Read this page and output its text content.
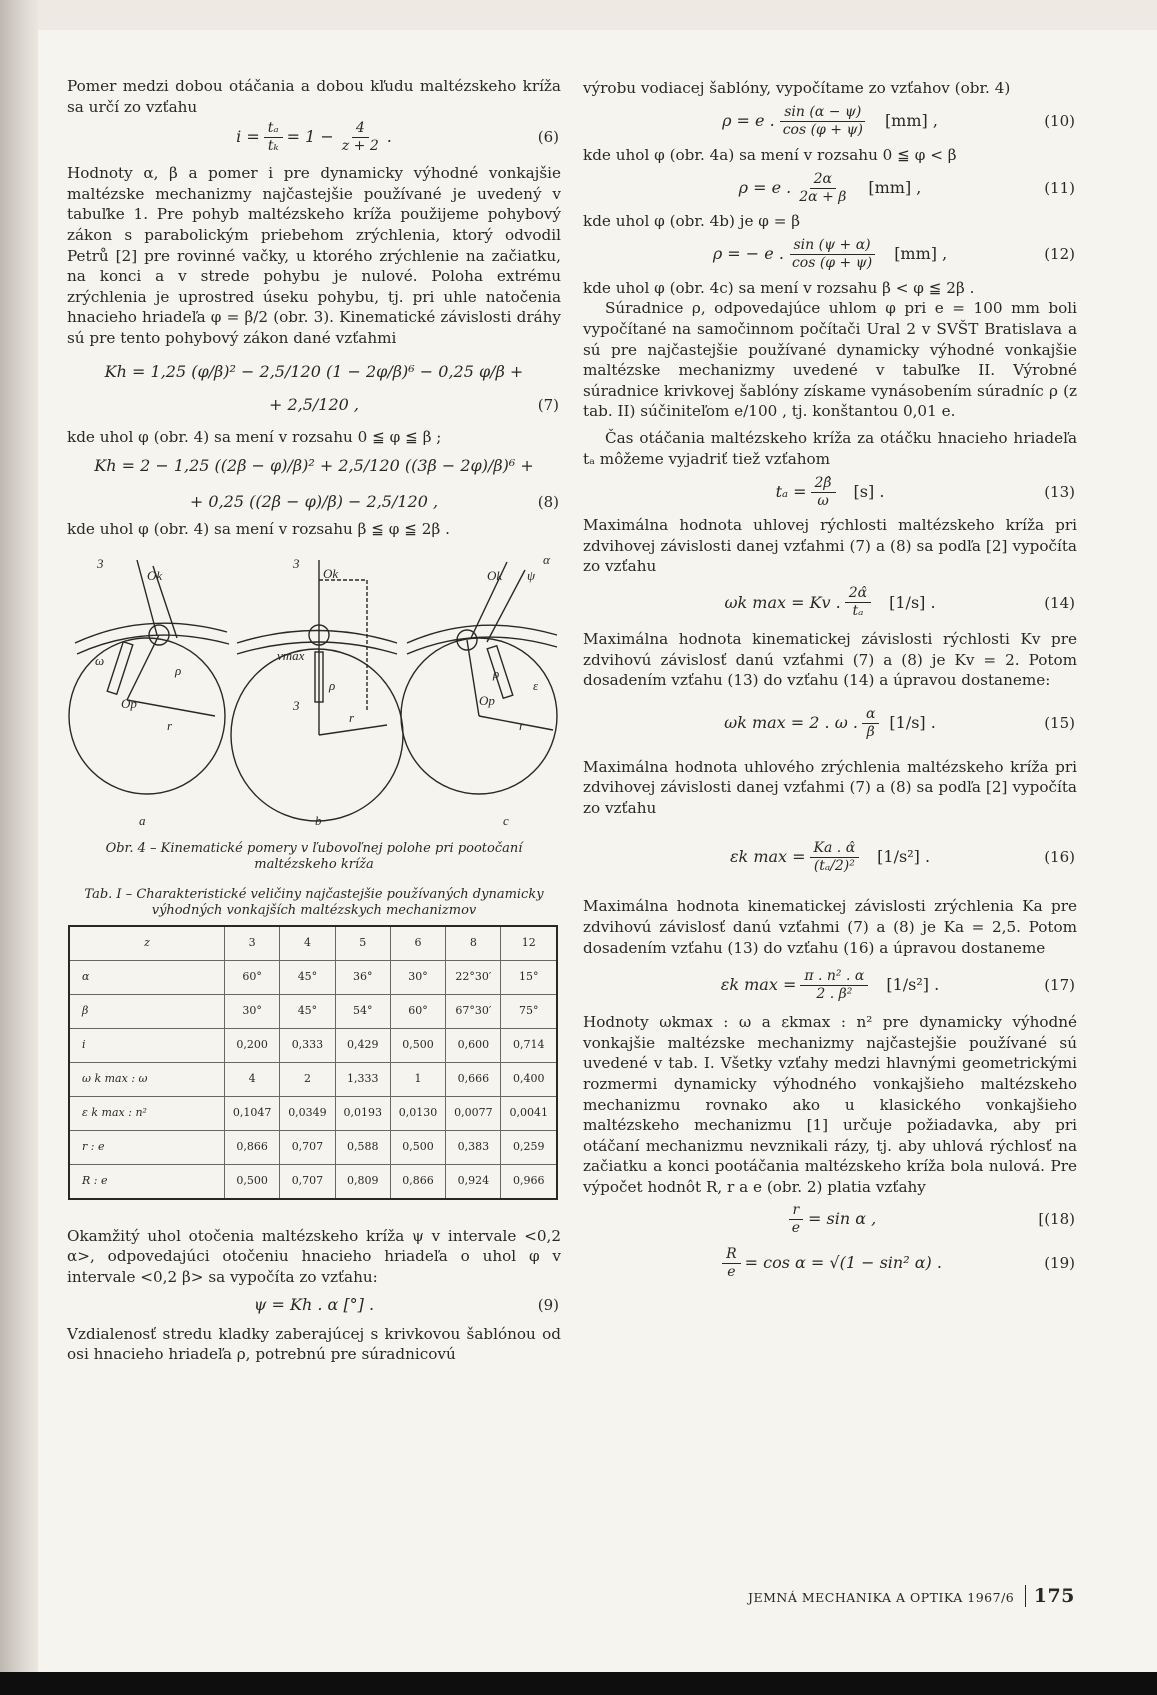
Pomer medzi dobou otáčania a dobou kľudu maltézskeho kríža sa určí zo vzťahu

$i = \frac{\text{tₐ}}{\text{tₖ}} = 1 - \frac{4}{z + 2}$ .	(6)

Hodnoty α, β a pomer i pre dynamicky výhodné vonkajšie maltézske mechanizmy najčastejšie používané je uvedený v tabuľke 1. Pre pohyb maltézskeho kríža použijeme pohybový zákon s parabolickým priebehom zrýchlenia, ktorý odvodil Petrů [2] pre rovinné vačky, u ktorého zrýchlenie na začiatku, na konci a v strede pohybu je nulové. Poloha extrému zrýchlenia je uprostred úseku pohybu, tj. pri uhle natočenia hnacieho hriadeľa φ = β/2 (obr. 3). Kinematické závislosti dráhy sú pre tento pohybový zákon dané vzťahmi

Kh = 1,25 (φ/β)² − 2,5/120 (1 − 2φ/β)⁶ − 0,25 φ/β +
+ 2,5/120 ,	(7)

kde uhol φ (obr. 4) sa mení v rozsahu 0 ≦ φ ≦ β ;

Kh = 2 − 1,25 ((2β − φ)/β)² + 2,5/120 ((3β − 2φ)/β)⁶ +
+ 0,25 ((2β − φ)/β) − 2,5/120 ,	(8)

kde uhol φ (obr. 4) sa mení v rozsahu β ≦ φ ≦ 2β .

a	b	c
Ok
Op
ω
ρ
r
3
Ok
vmax
ρ
r
3
3
Ok
Op
ε
ψ
α
ρ
r
Obr. 4 – Kinematické pomery v ľubovoľnej polohe pri pootočaní maltézskeho kríža
Tab. I – Charakteristické veličiny najčastejšie používaných dynamicky výhodných vonkajších maltézskych mechanizmov
z	3	4	5	6	8	12
α	60°	45°	36°	30°	22°30′	15°
β	30°	45°	54°	60°	67°30′	75°
i	0,200	0,333	0,429	0,500	0,600	0,714
ω k max : ω	4	2	1,333	1	0,666	0,400
ε k max : n²	0,1047	0,0349	0,0193	0,0130	0,0077	0,0041
r : e	0,866	0,707	0,588	0,500	0,383	0,259
R : e	0,500	0,707	0,809	0,866	0,924	0,966

Okamžitý uhol otočenia maltézskeho kríža ψ v intervale <0,2 α>, odpovedajúci otočeniu hnacieho hriadeľa o uhol φ v intervale <0,2 β> sa vypočíta zo vzťahu:

ψ = Kh . α [°] .	(9)

Vzdialenosť stredu kladky zaberajúcej s krivkovou šablónou od osi hnacieho hriadeľa ρ, potrebnú pre súradnicovú

výrobu vodiacej šablóny, vypočítame zo vzťahov (obr. 4)

ρ = e . $\frac{\sin (\alpha - \psi)}{\cos (\varphi + \psi)} [mm]$ ,	(10)

kde uhol φ (obr. 4a) sa mení v rozsahu 0 ≦ φ < β

ρ = e . $\frac{2\alpha}{2\alpha + \beta} [mm]$ ,	(11)

kde uhol φ (obr. 4b) je φ = β

ρ = − e . $\frac{\sin (\psi + \alpha)}{\cos (\varphi + \psi)} [mm]$ ,	(12)

kde uhol φ (obr. 4c) sa mení v rozsahu β < φ ≦ 2β .

Súradnice ρ, odpovedajúce uhlom φ pri e = 100 mm boli vypočítané na samočinnom počítači Ural 2 v SVŠT Bratislava a sú pre najčastejšie používané dynamicky výhodné vonkajšie maltézske mechanizmy uvedené v tabuľke II. Výrobné súradnice krivkovej šablóny získame vynásobením súradníc ρ (z tab. II) súčiniteľom e/100 , tj. konštantou 0,01 e.

Čas otáčania maltézskeho kríža za otáčku hnacieho hriadeľa tₐ môžeme vyjadriť tiež vzťahom

$t_a = \frac{2\betâ}{\omega} [s]$ .	(13)

Maximálna hodnota uhlovej rýchlosti maltézskeho kríža pri zdvihovej závislosti danej vzťahmi (7) a (8) sa podľa [2] vypočíta zo vzťahu

ωk max = Kv . $\frac{2\alphâ}{\text{tₐ}} [1/s]$ .	(14)

Maximálna hodnota kinematickej závislosti rýchlosti Kv pre zdvihovú závislosť danú vzťahmi (7) a (8) je Kv = 2. Potom dosadením vzťahu (13) do vzťahu (14) a úpravou dostaneme:

ωk max = 2 . ω . $\frac{\alpha}{\beta} [1/s]$ .	(15)

Maximálna hodnota uhlového zrýchlenia maltézskeho kríža pri zdvihovej závislosti danej vzťahmi (7) a (8) sa podľa [2] vypočíta zo vzťahu

εk $\max = \frac{Ka . \alphâ}{\text{(tₐ/2)²}} [1/s^2]$ .	(16)

Maximálna hodnota kinematickej závislosti zrýchlenia Ka pre zdvihovú závislosť danú vzťahmi (7) a (8) je Ka = 2,5. Potom dosadením vzťahu (13) do vzťahu (16) a úpravou dostaneme

εk $\max = \frac{\text{π . n² . α}}{\text{2 . β²}} [1/s^2]$ .	(17)

Hodnoty ωkmax : ω a εkmax : n² pre dynamicky výhodné vonkajšie maltézske mechanizmy najčastejšie používané sú uvedené v tab. I. Všetky vzťahy medzi hlavnými geometrickými rozmermi dynamicky výhodného vonkajšieho maltézskeho mechanizmu rovnako ako u klasického vonkajšieho maltézskeho mechanizmu [1] určuje požiadavka, aby pri otáčaní mechanizmu nevznikali rázy, tj. aby uhlová rýchlosť na začiatku a konci pootáčania maltézskeho kríža bola nulová. Pre výpočet hodnôt R, r a e (obr. 2) platia vzťahy

$\frac{r}{e} = \sin \alpha$ ,	[(18)
$\frac{R}{e} = \cos \alpha = √(1 - \sin^2$ α) .	(19)
JEMNÁ MECHANIKA A OPTIKA 1967/6 175
